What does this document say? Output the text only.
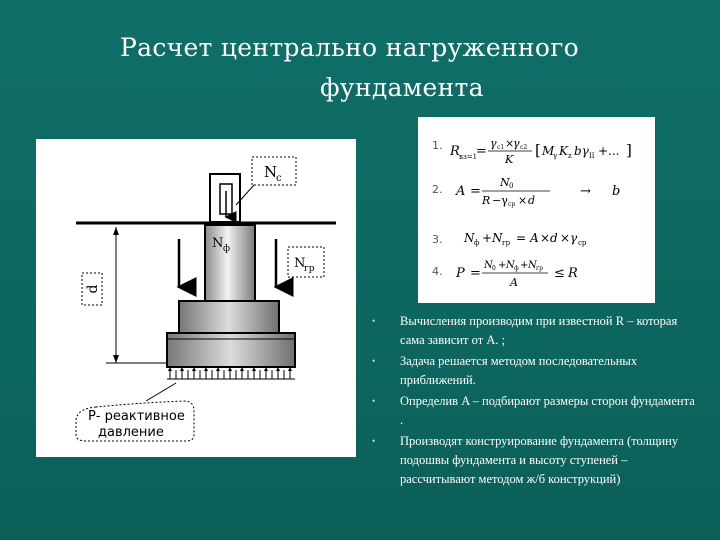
Расчет центрально нагруженного
фундамента
d
N
с
N ф
N
гр
Р- реактивное
давление
1. R вз=1
=
γ с1 ×
γ с2
K
[ M
γ K z bγ II +... ]
2. A =
N 0
R −γ ср × d
→ b
3. N ф + N гр = A × d × γ ср
4. P =
N 0 + N ф + N гр
A
≤ R
• Вычисления производим при известной R – которая сама зависит от A. ;
• Задача решается методом последовательных приближений.
• Определив A – подбирают размеры сторон фундамента .
• Производят конструирование фундамента (толщину подошвы фундамента и высоту ступеней – рассчитывают методом ж/б конструкций)
